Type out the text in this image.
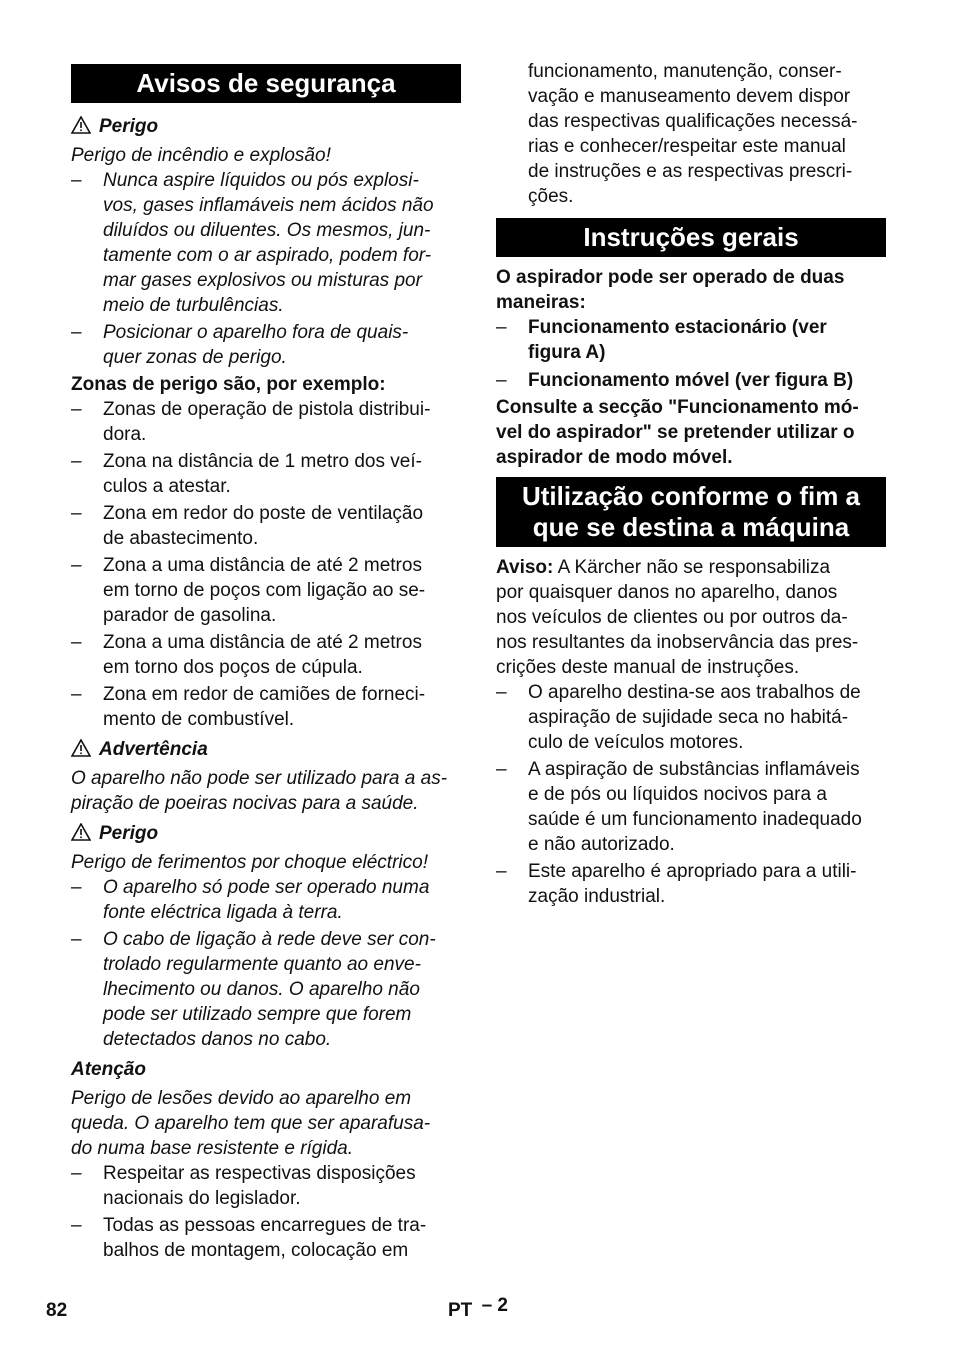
Avisos de segurança
Perigo

Perigo de incêndio e explosão!

–	Nunca aspire líquidos ou pós explosi-
vos, gases inflamáveis nem ácidos não
diluídos ou diluentes. Os mesmos, jun-
tamente com o ar aspirado, podem for-
mar gases explosivos ou misturas por
meio de turbulências.
–	Posicionar o aparelho fora de quais-
quer zonas de perigo.

Zonas de perigo são, por exemplo:

–	Zonas de operação de pistola distribui-
dora.
–	Zona na distância de 1 metro dos veí-
culos a atestar.
–	Zona em redor do poste de ventilação
de abastecimento.
–	Zona a uma distância de até 2 metros
em torno de poços com ligação ao se-
parador de gasolina.
–	Zona a uma distância de até 2 metros
em torno dos poços de cúpula.
–	Zona em redor de camiões de forneci-
mento de combustível.
Advertência

O aparelho não pode ser utilizado para a as-
piração de poeiras nocivas para a saúde.

Perigo

Perigo de ferimentos por choque eléctrico!

–	O aparelho só pode ser operado numa
fonte eléctrica ligada à terra.
–	O cabo de ligação à rede deve ser con-
trolado regularmente quanto ao enve-
lhecimento ou danos. O aparelho não
pode ser utilizado sempre que forem
detectados danos no cabo.

Atenção

Perigo de lesões devido ao aparelho em
queda. O aparelho tem que ser aparafusa-
do numa base resistente e rígida.

–	Respeitar as respectivas disposições
nacionais do legislador.
–	Todas as pessoas encarregues de tra-
balhos de montagem, colocação em

funcionamento, manutenção, conser-
vação e manuseamento devem dispor
das respectivas qualificações necessá-
rias e conhecer/respeitar este manual
de instruções e as respectivas prescri-
ções.

Instruções gerais

O aspirador pode ser operado de duas
maneiras:

–	Funcionamento estacionário (ver
figura A)
–	Funcionamento móvel (ver figura B)

Consulte a secção "Funcionamento mó-
vel do aspirador" se pretender utilizar o
aspirador de modo móvel.

Utilização conforme o fim a
que se destina a máquina

Aviso: A Kärcher não se responsabiliza
por quaisquer danos no aparelho, danos
nos veículos de clientes ou por outros da-
nos resultantes da inobservância das pres-
crições deste manual de instruções.

–	O aparelho destina-se aos trabalhos de
aspiração de sujidade seca no habitá-
culo de veículos motores.
–	A aspiração de substâncias inflamáveis
e de pós ou líquidos nocivos para a
saúde é um funcionamento inadequado
e não autorizado.
–	Este aparelho é apropriado para a utili-
zação industrial.
82	PT – 2
